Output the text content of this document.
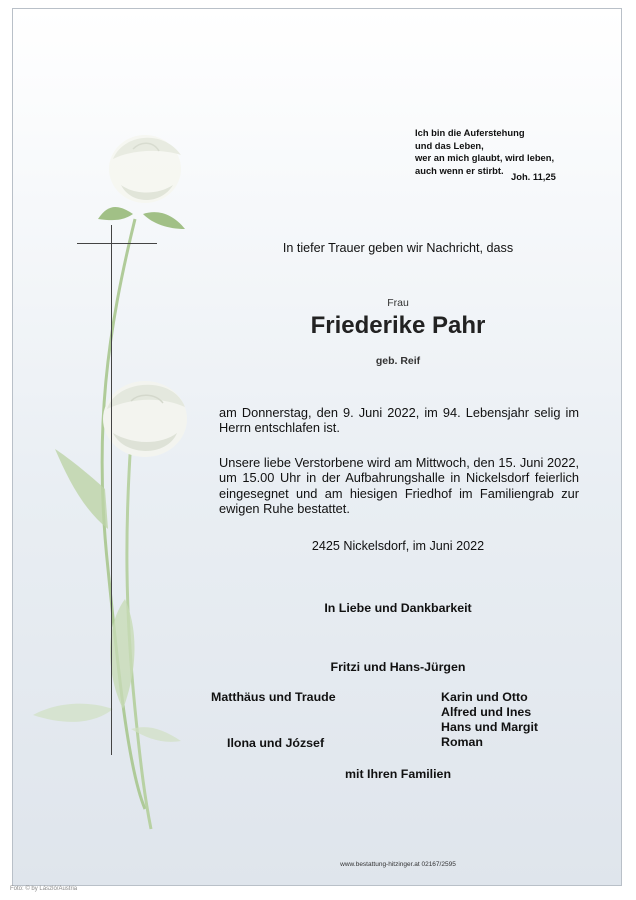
Ich bin die Auferstehung
und das Leben,
wer an mich glaubt, wird leben,
auch wenn er stirbt.
Joh. 11,25
In tiefer Trauer geben wir Nachricht, dass
Frau
Friederike Pahr
geb. Reif

am Donnerstag, den 9. Juni 2022, im 94. Lebensjahr selig im Herrn entschlafen ist.

Unsere liebe Verstorbene wird am Mittwoch, den 15. Juni 2022, um 15.00 Uhr in der Aufbahrungshalle in Nickelsdorf feierlich eingesegnet und am hiesigen Friedhof im Familiengrab zur ewigen Ruhe bestattet.

2425 Nickelsdorf, im Juni 2022
In Liebe und Dankbarkeit
Fritzi und Hans-Jürgen
Matthäus und Traude
Ilona und József
Karin und Otto
Alfred und Ines
Hans und Margit
Roman
mit Ihren Familien
www.bestattung-hitzinger.at 02167/2595
Foto: © by László/Austria
